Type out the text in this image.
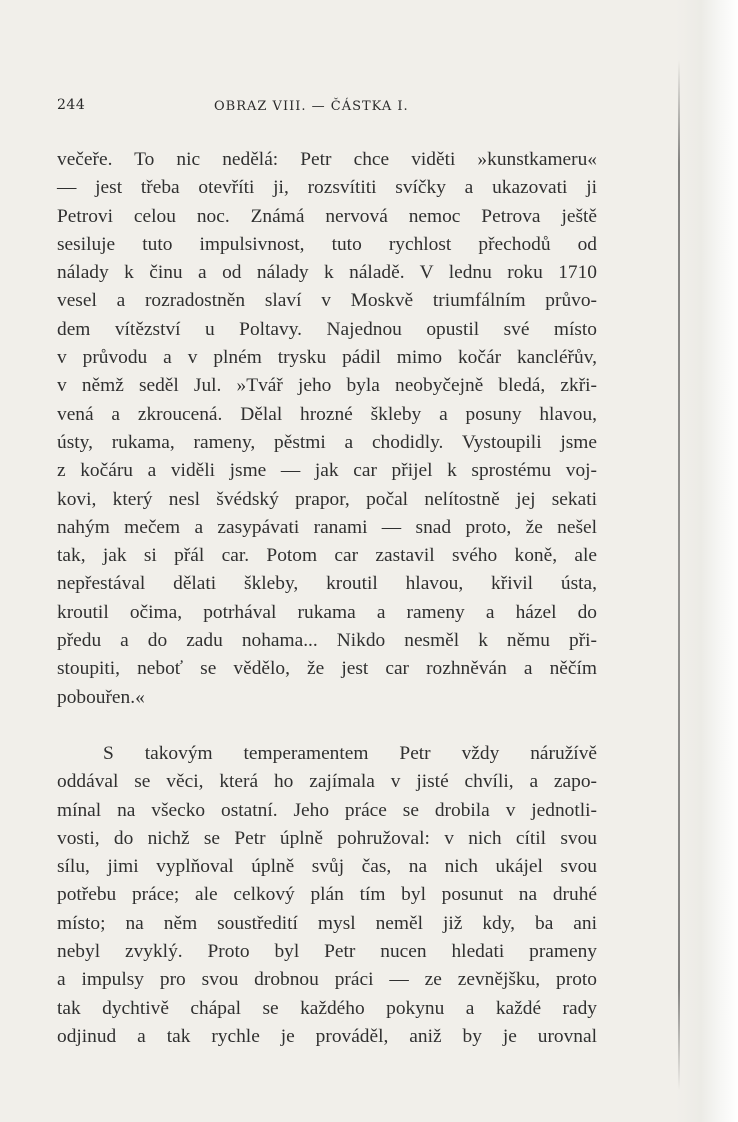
244	OBRAZ VIII. — ČÁSTKA I.
večeře. To nic nedělá: Petr chce viděti »kunstkameru«
— jest třeba otevříti ji, rozsvítiti svíčky a ukazovati ji
Petrovi celou noc. Známá nervová nemoc Petrova ještě
sesiluje tuto impulsivnost, tuto rychlost přechodů od
nálady k činu a od nálady k náladě. V lednu roku 1710
vesel a rozradostněn slaví v Moskvě triumfálním průvo-
dem vítězství u Poltavy. Najednou opustil své místo
v průvodu a v plném trysku pádil mimo kočár kancléřův,
v němž seděl Jul. »Tvář jeho byla neobyčejně bledá, zkři-
vená a zkroucená. Dělal hrozné škleby a posuny hlavou,
ústy, rukama, rameny, pěstmi a chodidly. Vystoupili jsme
z kočáru a viděli jsme — jak car přijel k sprostému voj-
kovi, který nesl švédský prapor, počal nelítostně jej sekati
nahým mečem a zasypávati ranami — snad proto, že nešel
tak, jak si přál car. Potom car zastavil svého koně, ale
nepřestával dělati škleby, kroutil hlavou, křivil ústa,
kroutil očima, potrhával rukama a rameny a házel do
předu a do zadu nohama... Nikdo nesměl k němu při-
stoupiti, neboť se vědělo, že jest car rozhněván a něčím
pobouřen.«
S takovým temperamentem Petr vždy náružívě
oddával se věci, která ho zajímala v jisté chvíli, a zapo-
mínal na všecko ostatní. Jeho práce se drobila v jednotli-
vosti, do nichž se Petr úplně pohružoval: v nich cítil svou
sílu, jimi vyplňoval úplně svůj čas, na nich ukájel svou
potřebu práce; ale celkový plán tím byl posunut na druhé
místo; na něm soustředití mysl neměl již kdy, ba ani
nebyl zvyklý. Proto byl Petr nucen hledati prameny
a impulsy pro svou drobnou práci — ze zevnějšku, proto
tak dychtivě chápal se každého pokynu a každé rady
odjinud a tak rychle je prováděl, aniž by je urovnal
